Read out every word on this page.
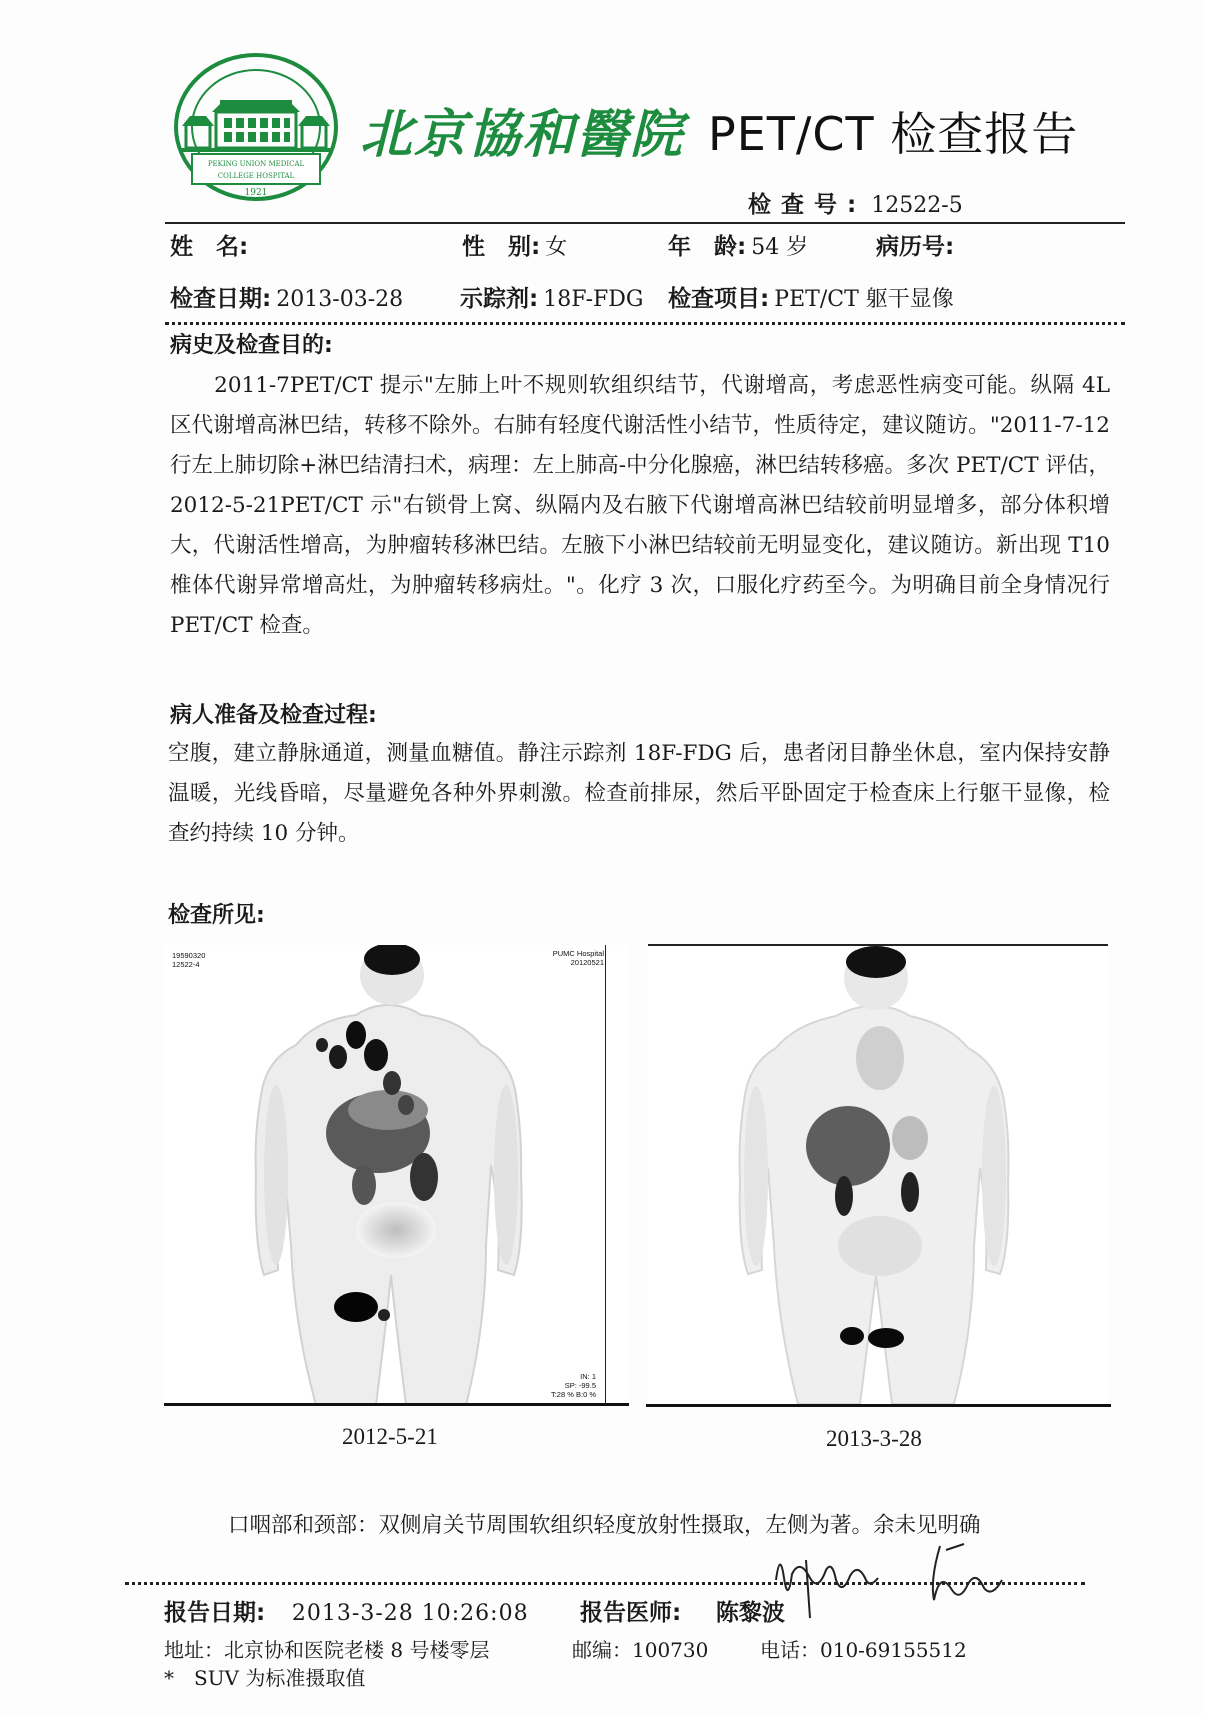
PEKING UNION MEDICAL
COLLEGE HOSPITAL
1921
北京協和醫院 PET/CT 检查报告
检查号: 12522-5
姓　名:	性　别: 女	年　龄: 54 岁	病历号:
检查日期: 2013-03-28 示踪剂: 18F-FDG 检查项目: PET/CT 躯干显像
病史及检查目的:
　　2011-7PET/CT 提示"左肺上叶不规则软组织结节，代谢增高，考虑恶性病变可能。纵隔 4L 区代谢增高淋巴结，转移不除外。右肺有轻度代谢活性小结节，性质待定，建议随访。"2011-7-12 行左上肺切除+淋巴结清扫术，病理：左上肺高-中分化腺癌，淋巴结转移癌。多次 PET/CT 评估，2012-5-21PET/CT 示"右锁骨上窝、纵隔内及右腋下代谢增高淋巴结较前明显增多，部分体积增大，代谢活性增高，为肿瘤转移淋巴结。左腋下小淋巴结较前无明显变化，建议随访。新出现 T10 椎体代谢异常增高灶，为肿瘤转移病灶。"。化疗 3 次，口服化疗药至今。为明确目前全身情况行 PET/CT 检查。
病人准备及检查过程:
空腹，建立静脉通道，测量血糖值。静注示踪剂 18F-FDG 后，患者闭目静坐休息，室内保持安静温暖，光线昏暗，尽量避免各种外界刺激。检查前排尿，然后平卧固定于检查床上行躯干显像，检查约持续 10 分钟。
检查所见:
19590320
12522-4
PUMC Hospital
20120521
IN: 1
SP: -99.5
T:28 % B:0 %
2012-5-21	2013-3-28
口咽部和颈部：双侧肩关节周围软组织轻度放射性摄取，左侧为著。余未见明确
报告日期: 2013-3-28 10:26:08 报告医师: 陈黎波
地址：北京协和医院老楼 8 号楼零层	邮编：100730	电话：010-69155512
*　SUV 为标准摄取值
